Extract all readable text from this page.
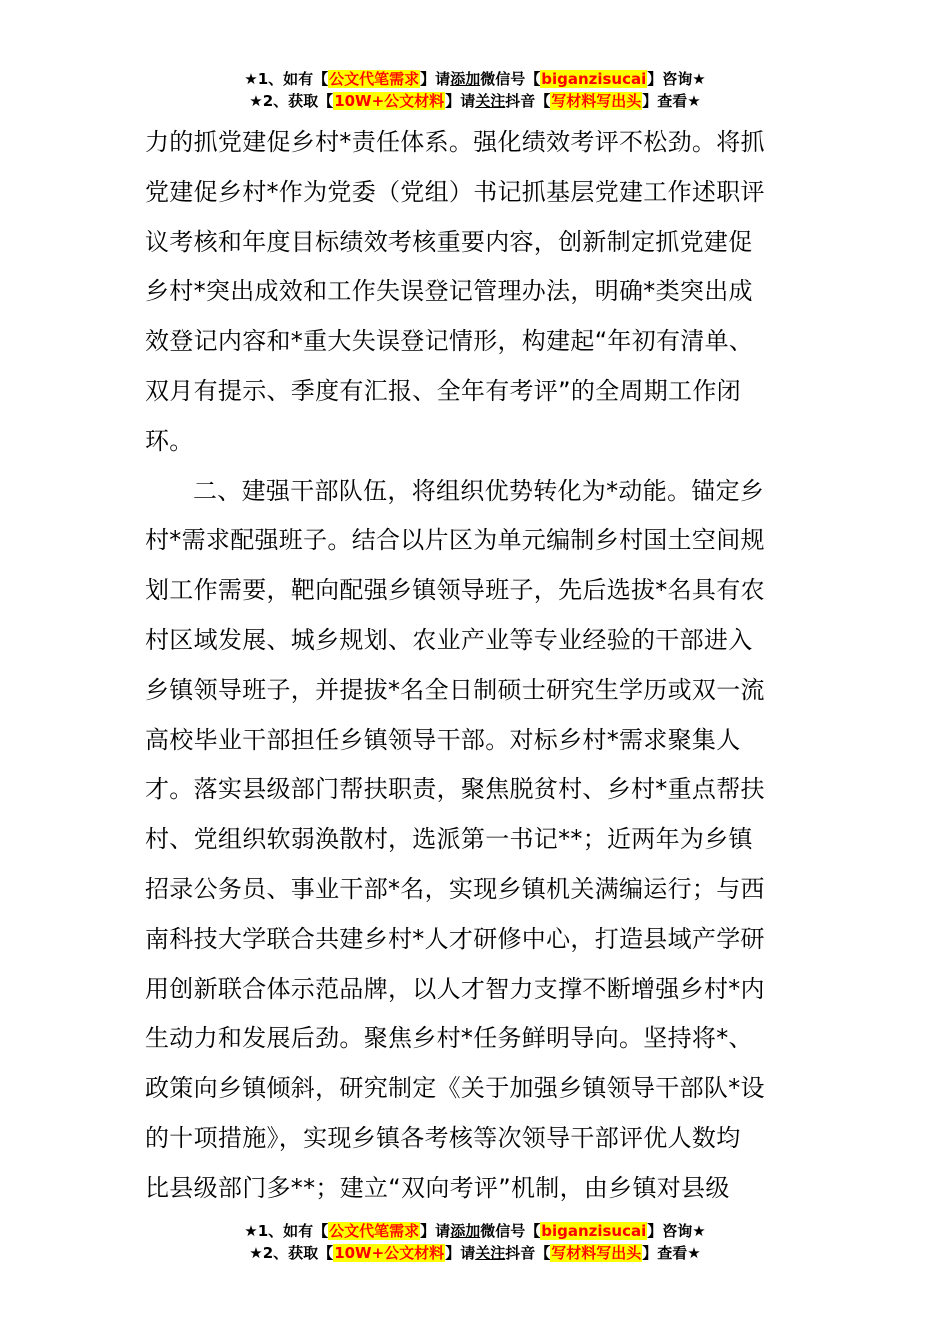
★1、如有【公文代笔需求】请添加微信号【biganzisucai】咨询★
★2、获取【10W+公文材料】请关注抖音【写材料写出头】查看★
力的抓党建促乡村*责任体系。强化绩效考评不松劲。将抓
党建促乡村*作为党委（党组）书记抓基层党建工作述职评
议考核和年度目标绩效考核重要内容，创新制定抓党建促
乡村*突出成效和工作失误登记管理办法，明确*类突出成
效登记内容和*重大失误登记情形，构建起“年初有清单、
双月有提示、季度有汇报、全年有考评”的全周期工作闭
环。
二、建强干部队伍，将组织优势转化为*动能。锚定乡
村*需求配强班子。结合以片区为单元编制乡村国土空间规
划工作需要，靶向配强乡镇领导班子，先后选拔*名具有农
村区域发展、城乡规划、农业产业等专业经验的干部进入
乡镇领导班子，并提拔*名全日制硕士研究生学历或双一流
高校毕业干部担任乡镇领导干部。对标乡村*需求聚集人
才。落实县级部门帮扶职责，聚焦脱贫村、乡村*重点帮扶
村、党组织软弱涣散村，选派第一书记**；近两年为乡镇
招录公务员、事业干部*名，实现乡镇机关满编运行；与西
南科技大学联合共建乡村*人才研修中心，打造县域产学研
用创新联合体示范品牌，以人才智力支撑不断增强乡村*内
生动力和发展后劲。聚焦乡村*任务鲜明导向。坚持将*、
政策向乡镇倾斜，研究制定《关于加强乡镇领导干部队*设
的十项措施》，实现乡镇各考核等次领导干部评优人数均
比县级部门多**；建立“双向考评”机制，由乡镇对县级
★1、如有【公文代笔需求】请添加微信号【biganzisucai】咨询★
★2、获取【10W+公文材料】请关注抖音【写材料写出头】查看★
